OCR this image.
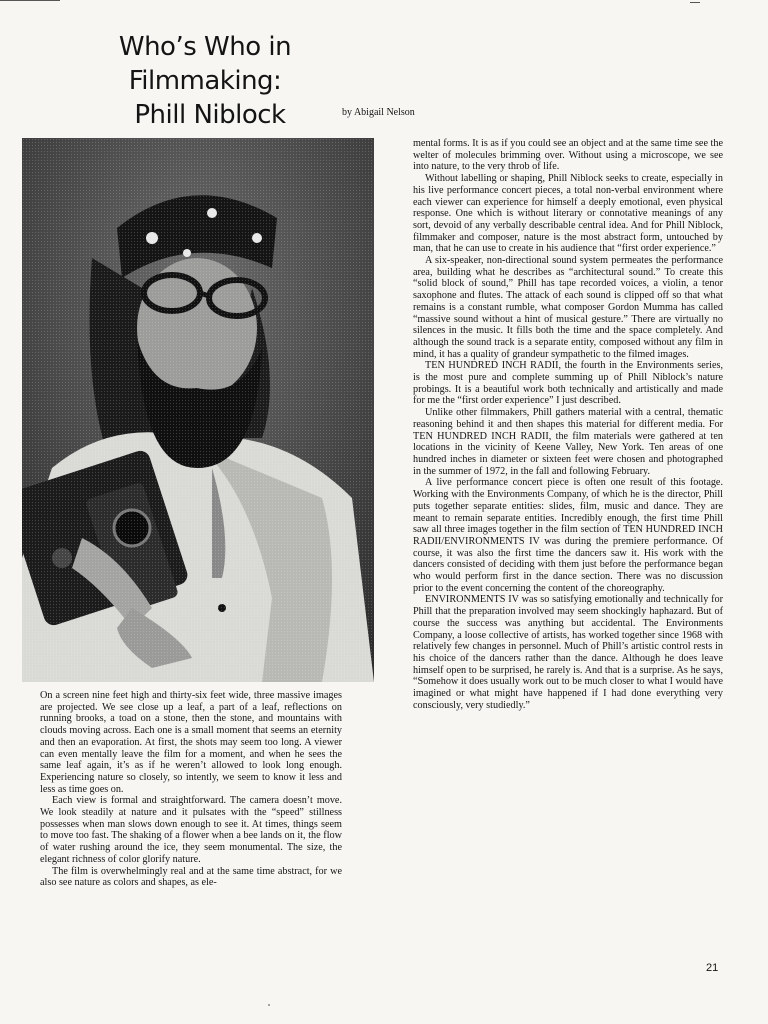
Who’s Who in Filmmaking:
Phill Niblock	by Abigail Nelson

On a screen nine feet high and thirty-six feet wide, three massive images are projected. We see close up a leaf, a part of a leaf, reflections on running brooks, a toad on a stone, then the stone, and mountains with clouds moving across. Each one is a small moment that seems an eternity and then an evaporation. At first, the shots may seem too long. A viewer can even mentally leave the film for a moment, and when he sees the same leaf again, it’s as if he weren’t allowed to look long enough. Experiencing nature so closely, so intently, we seem to know it less and less as time goes on.

Each view is formal and straightforward. The camera doesn’t move. We look steadily at nature and it pulsates with the “speed” stillness possesses when man slows down enough to see it. At times, things seem to move too fast. The shaking of a flower when a bee lands on it, the flow of water rushing around the ice, they seem monumental. The size, the elegant richness of color glorify nature.

The film is overwhelmingly real and at the same time abstract, for we also see nature as colors and shapes, as ele-

mental forms. It is as if you could see an object and at the same time see the welter of molecules brimming over. Without using a microscope, we see into nature, to the very throb of life.

Without labelling or shaping, Phill Niblock seeks to create, especially in his live performance concert pieces, a total non-verbal environment where each viewer can experience for himself a deeply emotional, even physical response. One which is without literary or connotative meanings of any sort, devoid of any verbally describable central idea. And for Phill Niblock, filmmaker and composer, nature is the most abstract form, untouched by man, that he can use to create in his audience that “first order experience.”

A six-speaker, non-directional sound system permeates the performance area, building what he describes as “architectural sound.” To create this “solid block of sound,” Phill has tape recorded voices, a violin, a tenor saxophone and flutes. The attack of each sound is clipped off so that what remains is a constant rumble, what composer Gordon Mumma has called “massive sound without a hint of musical gesture.” There are virtually no silences in the music. It fills both the time and the space completely. And although the sound track is a separate entity, composed without any film in mind, it has a quality of grandeur sympathetic to the filmed images.

TEN HUNDRED INCH RADII, the fourth in the Environments series, is the most pure and complete summing up of Phill Niblock’s nature probings. It is a beautiful work both technically and artistically and made for me the “first order experience” I just described.

Unlike other filmmakers, Phill gathers material with a central, thematic reasoning behind it and then shapes this material for different media. For TEN HUNDRED INCH RADII, the film materials were gathered at ten locations in the vicinity of Keene Valley, New York. Ten areas of one hundred inches in diameter or sixteen feet were chosen and photographed in the summer of 1972, in the fall and following February.

A live performance concert piece is often one result of this footage. Working with the Environments Company, of which he is the director, Phill puts together separate entities: slides, film, music and dance. They are meant to remain separate entities. Incredibly enough, the first time Phill saw all three images together in the film section of TEN HUNDRED INCH RADII/ENVIRONMENTS IV was during the premiere performance. Of course, it was also the first time the dancers saw it. His work with the dancers consisted of deciding with them just before the performance began who would perform first in the dance section. There was no discussion prior to the event concerning the content of the choreography.

ENVIRONMENTS IV was so satisfying emotionally and technically for Phill that the preparation involved may seem shockingly haphazard. But of course the success was anything but accidental. The Environments Company, a loose collective of artists, has worked together since 1968 with relatively few changes in personnel. Much of Phill’s artistic control rests in his choice of the dancers rather than the dance. Although he does leave himself open to be surprised, he rarely is. And that is a surprise. As he says, “Somehow it does usually work out to be much closer to what I would have imagined or what might have happened if I had done everything very consciously, very studiedly.”

21
